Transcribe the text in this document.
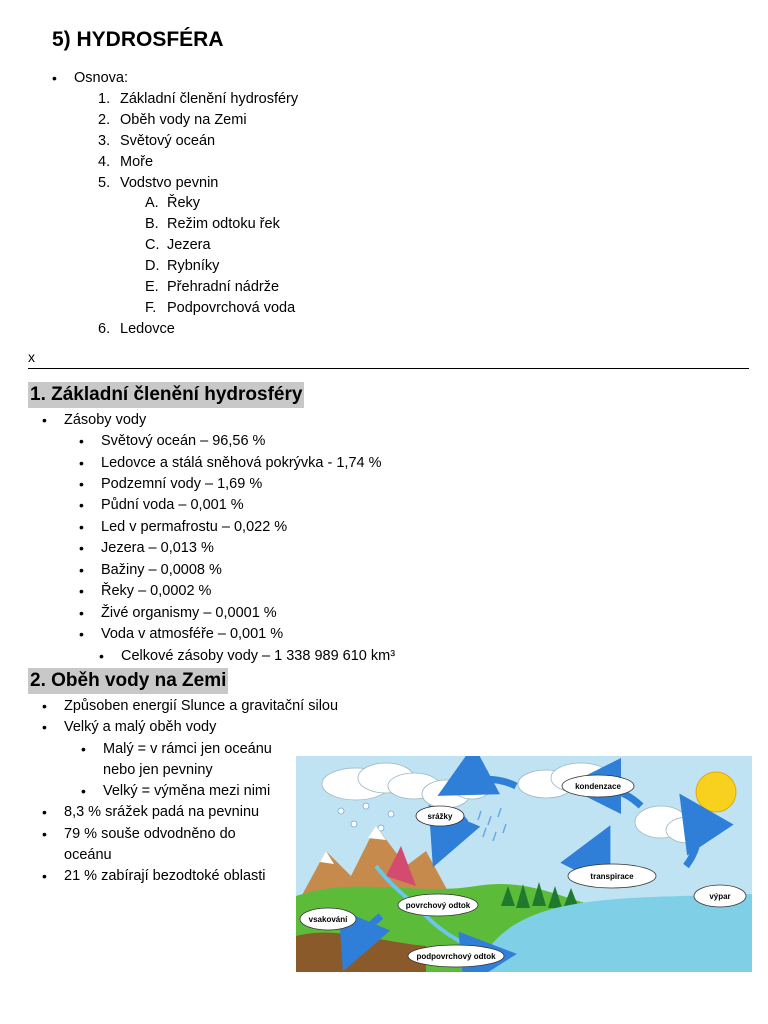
5) HYDROSFÉRA
• Osnova:
1. Základní členění hydrosféry
2. Oběh vody na Zemi
3. Světový oceán
4. Moře
5. Vodstvo pevnin
A. Řeky
B. Režim odtoku řek
C. Jezera
D. Rybníky
E. Přehradní nádrže
F. Podpovrchová voda
6. Ledovce
x
1. Základní členění hydrosféry
• Zásoby vody
• Světový oceán – 96,56 %
• Ledovce a stálá sněhová pokrývka - 1,74 %
• Podzemní vody – 1,69 %
• Půdní voda – 0,001 %
• Led v permafrostu – 0,022 %
• Jezera – 0,013 %
• Bažiny – 0,0008 %
• Řeky – 0,0002 %
• Živé organismy – 0,0001 %
• Voda v atmosféře – 0,001 %
• Celkové zásoby vody – 1 338 989 610 km³
2. Oběh vody na Zemi
• Způsoben energií Slunce a gravitační silou
• Velký a malý oběh vody
• Malý = v rámci jen oceánu
nebo jen pevniny
• Velký = výměna mezi nimi
• 8,3 % srážek padá na pevninu
• 79 % souše odvodněno do
oceánu
• 21 % zabírají bezodtoké oblasti
kondenzace
srážky
transpirace
výpar
povrchový odtok
vsakování
podpovrchový odtok
